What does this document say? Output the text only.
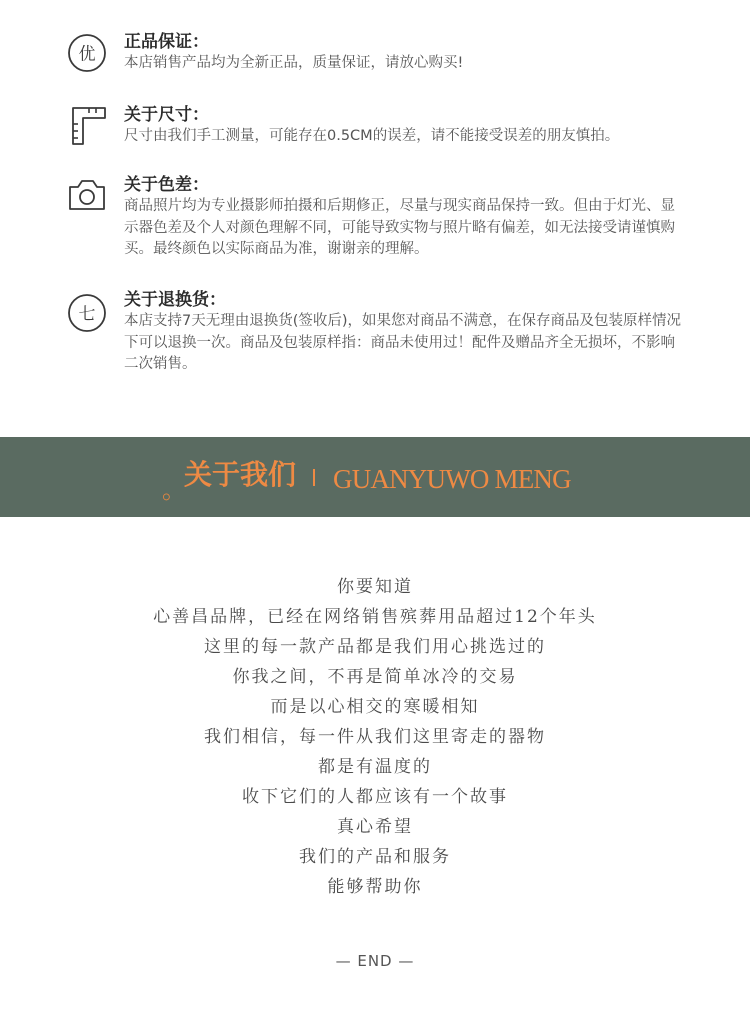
优
正品保证：
本店销售产品均为全新正品，质量保证，请放心购买!
关于尺寸：
尺寸由我们手工测量，可能存在0.5CM的误差，请不能接受误差的朋友慎拍。
关于色差：
商品照片均为专业摄影师拍摄和后期修正，尽量与现实商品保持一致。但由于灯光、显示器色差及个人对颜色理解不同，可能导致实物与照片略有偏差，如无法接受请谨慎购买。最终颜色以实际商品为准，谢谢亲的理解。
七
关于退换货：
本店支持7天无理由退换货(签收后)，如果您对商品不满意，在保存商品及包装原样情况下可以退换一次。商品及包装原样指：商品未使用过！配件及赠品齐全无损坏，不影响二次销售。
。
关于我们 GUANYUWO MENG
你要知道
心善昌品牌，已经在网络销售殡葬用品超过12个年头
这里的每一款产品都是我们用心挑选过的
你我之间，不再是简单冰冷的交易
而是以心相交的寒暖相知
我们相信，每一件从我们这里寄走的器物
都是有温度的
收下它们的人都应该有一个故事
真心希望
我们的产品和服务
能够帮助你
— END —
